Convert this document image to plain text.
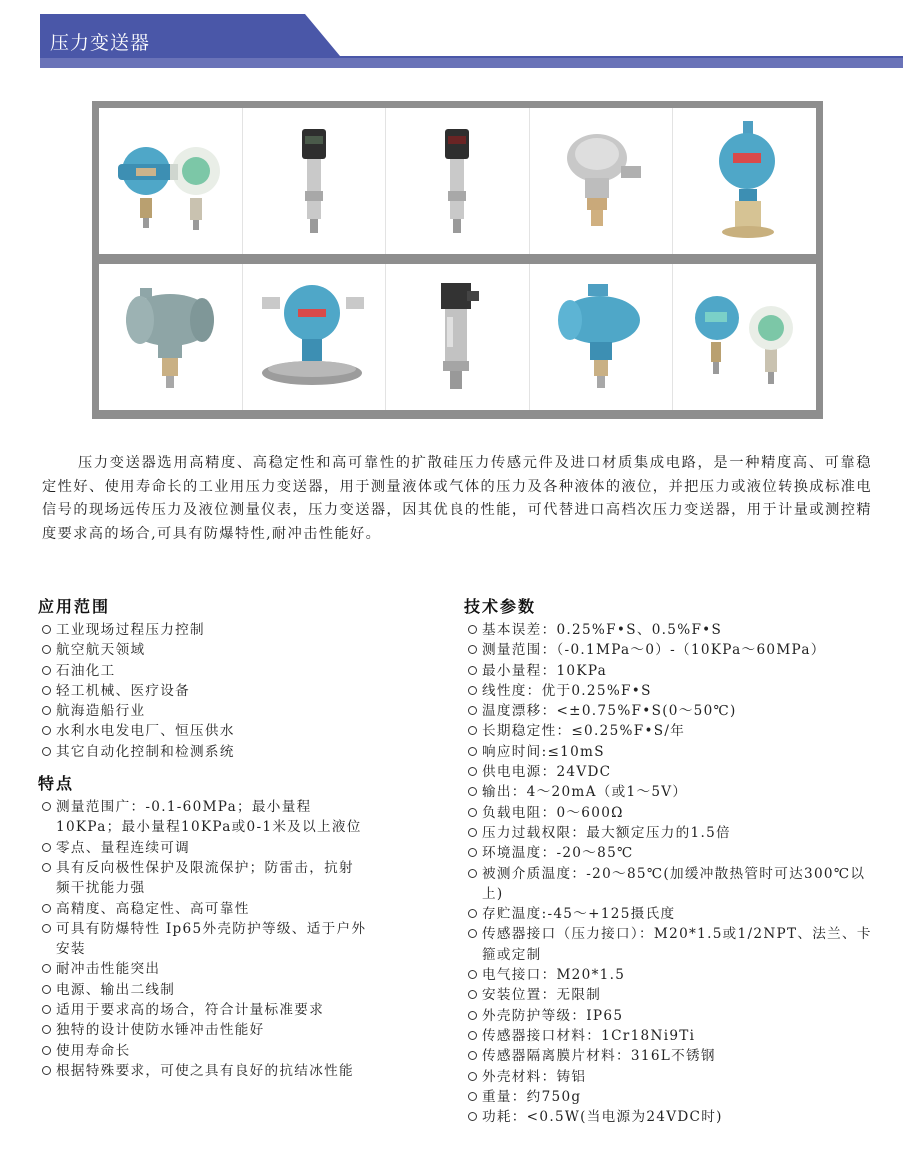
压力变送器

压力变送器选用高精度、高稳定性和高可靠性的扩散硅压力传感元件及进口材质集成电路，是一种精度高、可靠稳定性好、使用寿命长的工业用压力变送器，用于测量液体或气体的压力及各种液体的液位，并把压力或液位转换成标准电信号的现场远传压力及液位测量仪表，压力变送器，因其优良的性能，可代替进口高档次压力变送器，用于计量或测控精度要求高的场合,可具有防爆特性,耐冲击性能好。

应用范围
工业现场过程压力控制
航空航天领域
石油化工
轻工机械、医疗设备
航海造船行业
水利水电发电厂、恒压供水
其它自动化控制和检测系统
特点
测量范围广：-0.1-60MPa；最小量程10KPa；最小量程10KPa或0-1米及以上液位
零点、量程连续可调
具有反向极性保护及限流保护；防雷击，抗射频干扰能力强
高精度、高稳定性、高可靠性
可具有防爆特性 Ip65外壳防护等级、适于户外安装
耐冲击性能突出
电源、输出二线制
适用于要求高的场合，符合计量标准要求
独特的设计使防水锤冲击性能好
使用寿命长
根据特殊要求，可使之具有良好的抗结冰性能
技术参数
基本误差：0.25%F•S、0.5%F•S
测量范围：（-0.1MPa～0）-（10KPa～60MPa）
最小量程：10KPa
线性度：优于0.25%F•S
温度漂移：<±0.75%F•S(0～50℃)
长期稳定性：≤0.25%F•S/年
响应时间:≤10mS
供电电源：24VDC
输出：4～20mA（或1～5V）
负载电阻：0～600Ω
压力过载权限：最大额定压力的1.5倍
环境温度：-20～85℃
被测介质温度：-20～85℃(加缓冲散热管时可达300℃以上)
存贮温度:-45～+125摄氏度
传感器接口（压力接口）：M20*1.5或1/2NPT、法兰、卡箍或定制
电气接口：M20*1.5
安装位置：无限制
外壳防护等级：IP65
传感器接口材料：1Cr18Ni9Ti
传感器隔离膜片材料：316L不锈钢
外壳材料：铸铝
重量：约750g
功耗：<0.5W(当电源为24VDC时)
